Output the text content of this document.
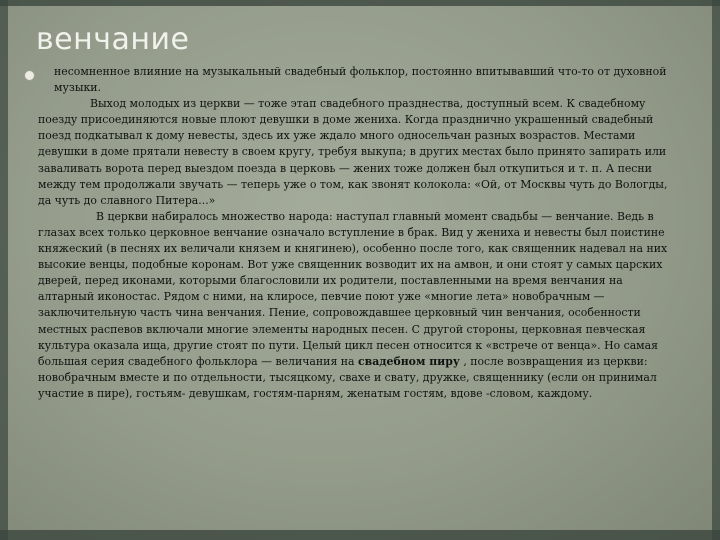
венчание

несомненное влияние на музыкальный свадебный фольклор, постоянно впитывавший что-то от духовной музыки.

Выход молодых из церкви — тоже этап свадебного празднества, доступный всем. К свадебному поезду присоединяются новые плоют девушки в доме жениха. Когда празднично украшенный свадебный поезд подкатывал к дому невесты, здесь их уже ждало много односельчан разных возрастов. Местами девушки в доме прятали невесту в своем кругу, требуя выкупа; в других местах было принято запирать или заваливать ворота перед выездом поезда в церковь — жених тоже должен был откупиться и т. п. А песни между тем продолжали звучать — теперь уже о том, как звонят колокола: «Ой, от Москвы чуть до Вологды, да чуть до славного Питера...»

В церкви набиралось множество народа: наступал главный момент свадьбы — венчание. Ведь в глазах всех только церковное венчание означало вступление в брак. Вид у жениха и невесты был поистине княжеский (в песнях их величали князем и княгинею), особенно после того, как священник надевал на них высокие венцы, подобные коронам. Вот уже священник возводит их на амвон, и они стоят у самых царских дверей, перед иконами, которыми благословили их родители, поставленными на время венчания на алтарный иконостас. Рядом с ними, на клиросе, певчие поют уже «многие лета» новобрачным —заключительную часть чина венчания. Пение, сопровождавшее церковный чин венчания, особенности местных распевов включали многие элементы народных песен. С другой стороны, церковная певческая культура оказала ища, другие стоят по пути. Целый цикл песен относится к «встрече от венца». Но самая большая серия свадебного фольклора — величания на свадебном пиру , после возвращения из церкви: новобрачным вместе и по отдельности, тысяцкому, свахе и свату, дружке, священнику (если он принимал участие в пире), гостьям- девушкам, гостям-парням, женатым гостям, вдове -словом, каждому.
